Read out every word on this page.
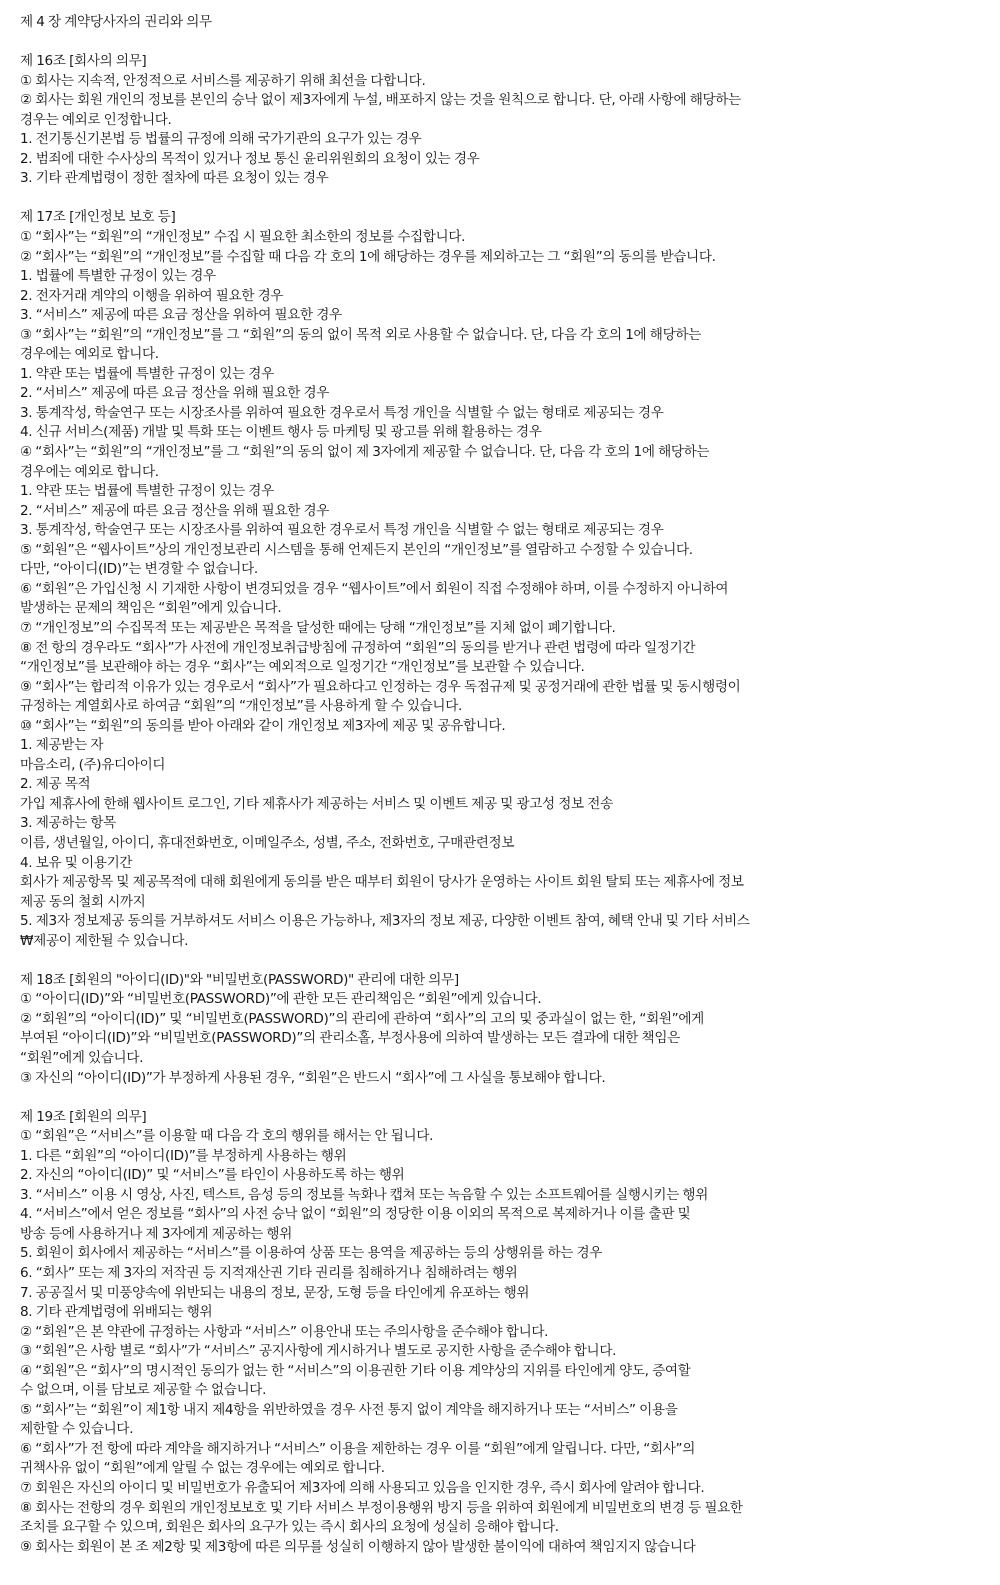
제 4 장 계약당사자의 권리와 의무
제 16조 [회사의 의무]
① 회사는 지속적, 안정적으로 서비스를 제공하기 위해 최선을 다합니다.
② 회사는 회원 개인의 정보를 본인의 승낙 없이 제3자에게 누설, 배포하지 않는 것을 원칙으로 합니다. 단, 아래 사항에 해당하는
경우는 예외로 인정합니다.
1. 전기통신기본법 등 법률의 규정에 의해 국가기관의 요구가 있는 경우
2. 범죄에 대한 수사상의 목적이 있거나 정보 통신 윤리위원회의 요청이 있는 경우
3. 기타 관계법령이 정한 절차에 따른 요청이 있는 경우
제 17조 [개인정보 보호 등]
① “회사”는 “회원”의 “개인정보” 수집 시 필요한 최소한의 정보를 수집합니다.
② “회사”는 “회원”의 “개인정보”를 수집할 때 다음 각 호의 1에 해당하는 경우를 제외하고는 그 “회원”의 동의를 받습니다.
1. 법률에 특별한 규정이 있는 경우
2. 전자거래 계약의 이행을 위하여 필요한 경우
3. “서비스” 제공에 따른 요금 정산을 위하여 필요한 경우
③ “회사”는 “회원”의 “개인정보”를 그 “회원”의 동의 없이 목적 외로 사용할 수 없습니다. 단, 다음 각 호의 1에 해당하는
경우에는 예외로 합니다.
1. 약관 또는 법률에 특별한 규정이 있는 경우
2. “서비스” 제공에 따른 요금 정산을 위해 필요한 경우
3. 통계작성, 학술연구 또는 시장조사를 위하여 필요한 경우로서 특정 개인을 식별할 수 없는 형태로 제공되는 경우
4. 신규 서비스(제품) 개발 및 특화 또는 이벤트 행사 등 마케팅 및 광고를 위해 활용하는 경우
④ “회사”는 “회원”의 “개인정보”를 그 “회원”의 동의 없이 제 3자에게 제공할 수 없습니다. 단, 다음 각 호의 1에 해당하는
경우에는 예외로 합니다.
1. 약관 또는 법률에 특별한 규정이 있는 경우
2. “서비스” 제공에 따른 요금 정산을 위해 필요한 경우
3. 통계작성, 학술연구 또는 시장조사를 위하여 필요한 경우로서 특정 개인을 식별할 수 없는 형태로 제공되는 경우
⑤ “회원”은 “웹사이트”상의 개인정보관리 시스템을 통해 언제든지 본인의 “개인정보”를 열람하고 수정할 수 있습니다.
다만, “아이디(ID)”는 변경할 수 없습니다.
⑥ “회원”은 가입신청 시 기재한 사항이 변경되었을 경우 “웹사이트”에서 회원이 직접 수정해야 하며, 이를 수정하지 아니하여
발생하는 문제의 책임은 “회원”에게 있습니다.
⑦ “개인정보”의 수집목적 또는 제공받은 목적을 달성한 때에는 당해 “개인정보”를 지체 없이 폐기합니다.
⑧ 전 항의 경우라도 “회사”가 사전에 개인정보취급방침에 규정하여 “회원”의 동의를 받거나 관련 법령에 따라 일정기간
“개인정보”를 보관해야 하는 경우 “회사”는 예외적으로 일정기간 “개인정보”를 보관할 수 있습니다.
⑨ “회사”는 합리적 이유가 있는 경우로서 “회사”가 필요하다고 인정하는 경우 독점규제 및 공정거래에 관한 법률 및 동시행령이
규정하는 계열회사로 하여금 “회원”의 “개인정보”를 사용하게 할 수 있습니다.
⑩ “회사”는 “회원”의 동의를 받아 아래와 같이 개인정보 제3자에 제공 및 공유합니다.
1. 제공받는 자
마음소리, (주)유디아이디
2. 제공 목적
가입 제휴사에 한해 웹사이트 로그인, 기타 제휴사가 제공하는 서비스 및 이벤트 제공 및 광고성 정보 전송
3. 제공하는 항목
이름, 생년월일, 아이디, 휴대전화번호, 이메일주소, 성별, 주소, 전화번호, 구매관련정보
4. 보유 및 이용기간
회사가 제공항목 및 제공목적에 대해 회원에게 동의를 받은 때부터 회원이 당사가 운영하는 사이트 회원 탈퇴 또는 제휴사에 정보
제공 동의 철회 시까지
5. 제3자 정보제공 동의를 거부하셔도 서비스 이용은 가능하나, 제3자의 정보 제공, 다양한 이벤트 참여, 혜택 안내 및 기타 서비스
₩제공이 제한될 수 있습니다.
제 18조 [회원의 "아이디(ID)"와 "비밀번호(PASSWORD)" 관리에 대한 의무]
① “아이디(ID)”와 “비밀번호(PASSWORD)”에 관한 모든 관리책임은 “회원”에게 있습니다.
② “회원”의 “아이디(ID)” 및 “비밀번호(PASSWORD)”의 관리에 관하여 “회사”의 고의 및 중과실이 없는 한, “회원”에게
부여된 “아이디(ID)”와 “비밀번호(PASSWORD)”의 관리소홀, 부정사용에 의하여 발생하는 모든 결과에 대한 책임은
“회원”에게 있습니다.
③ 자신의 “아이디(ID)”가 부정하게 사용된 경우, “회원”은 반드시 “회사”에 그 사실을 통보해야 합니다.
제 19조 [회원의 의무]
① “회원”은 “서비스”를 이용할 때 다음 각 호의 행위를 해서는 안 됩니다.
1. 다른 “회원”의 “아이디(ID)”를 부정하게 사용하는 행위
2. 자신의 “아이디(ID)” 및 “서비스”를 타인이 사용하도록 하는 행위
3. “서비스” 이용 시 영상, 사진, 텍스트, 음성 등의 정보를 녹화나 캡쳐 또는 녹음할 수 있는 소프트웨어를 실행시키는 행위
4. “서비스”에서 얻은 정보를 “회사”의 사전 승낙 없이 “회원”의 정당한 이용 이외의 목적으로 복제하거나 이를 출판 및
방송 등에 사용하거나 제 3자에게 제공하는 행위
5. 회원이 회사에서 제공하는 “서비스”를 이용하여 상품 또는 용역을 제공하는 등의 상행위를 하는 경우
6. “회사” 또는 제 3자의 저작권 등 지적재산권 기타 권리를 침해하거나 침해하려는 행위
7. 공공질서 및 미풍양속에 위반되는 내용의 정보, 문장, 도형 등을 타인에게 유포하는 행위
8. 기타 관계법령에 위배되는 행위
② “회원”은 본 약관에 규정하는 사항과 “서비스” 이용안내 또는 주의사항을 준수해야 합니다.
③ “회원”은 사항 별로 “회사”가 “서비스” 공지사항에 게시하거나 별도로 공지한 사항을 준수해야 합니다.
④ “회원”은 “회사”의 명시적인 동의가 없는 한 “서비스”의 이용권한 기타 이용 계약상의 지위를 타인에게 양도, 증여할
수 없으며, 이를 담보로 제공할 수 없습니다.
⑤ “회사”는 “회원”이 제1항 내지 제4항을 위반하였을 경우 사전 통지 없이 계약을 해지하거나 또는 “서비스” 이용을
제한할 수 있습니다.
⑥ “회사”가 전 항에 따라 계약을 해지하거나 “서비스” 이용을 제한하는 경우 이를 “회원”에게 알립니다. 다만, “회사”의
귀책사유 없이 “회원”에게 알릴 수 없는 경우에는 예외로 합니다.
⑦ 회원은 자신의 아이디 및 비밀번호가 유출되어 제3자에 의해 사용되고 있음을 인지한 경우, 즉시 회사에 알려야 합니다.
⑧ 회사는 전항의 경우 회원의 개인정보보호 및 기타 서비스 부정이용행위 방지 등을 위하여 회원에게 비밀번호의 변경 등 필요한
조치를 요구할 수 있으며, 회원은 회사의 요구가 있는 즉시 회사의 요청에 성실히 응해야 합니다.
⑨ 회사는 회원이 본 조 제2항 및 제3항에 따른 의무를 성실히 이행하지 않아 발생한 불이익에 대하여 책임지지 않습니다
